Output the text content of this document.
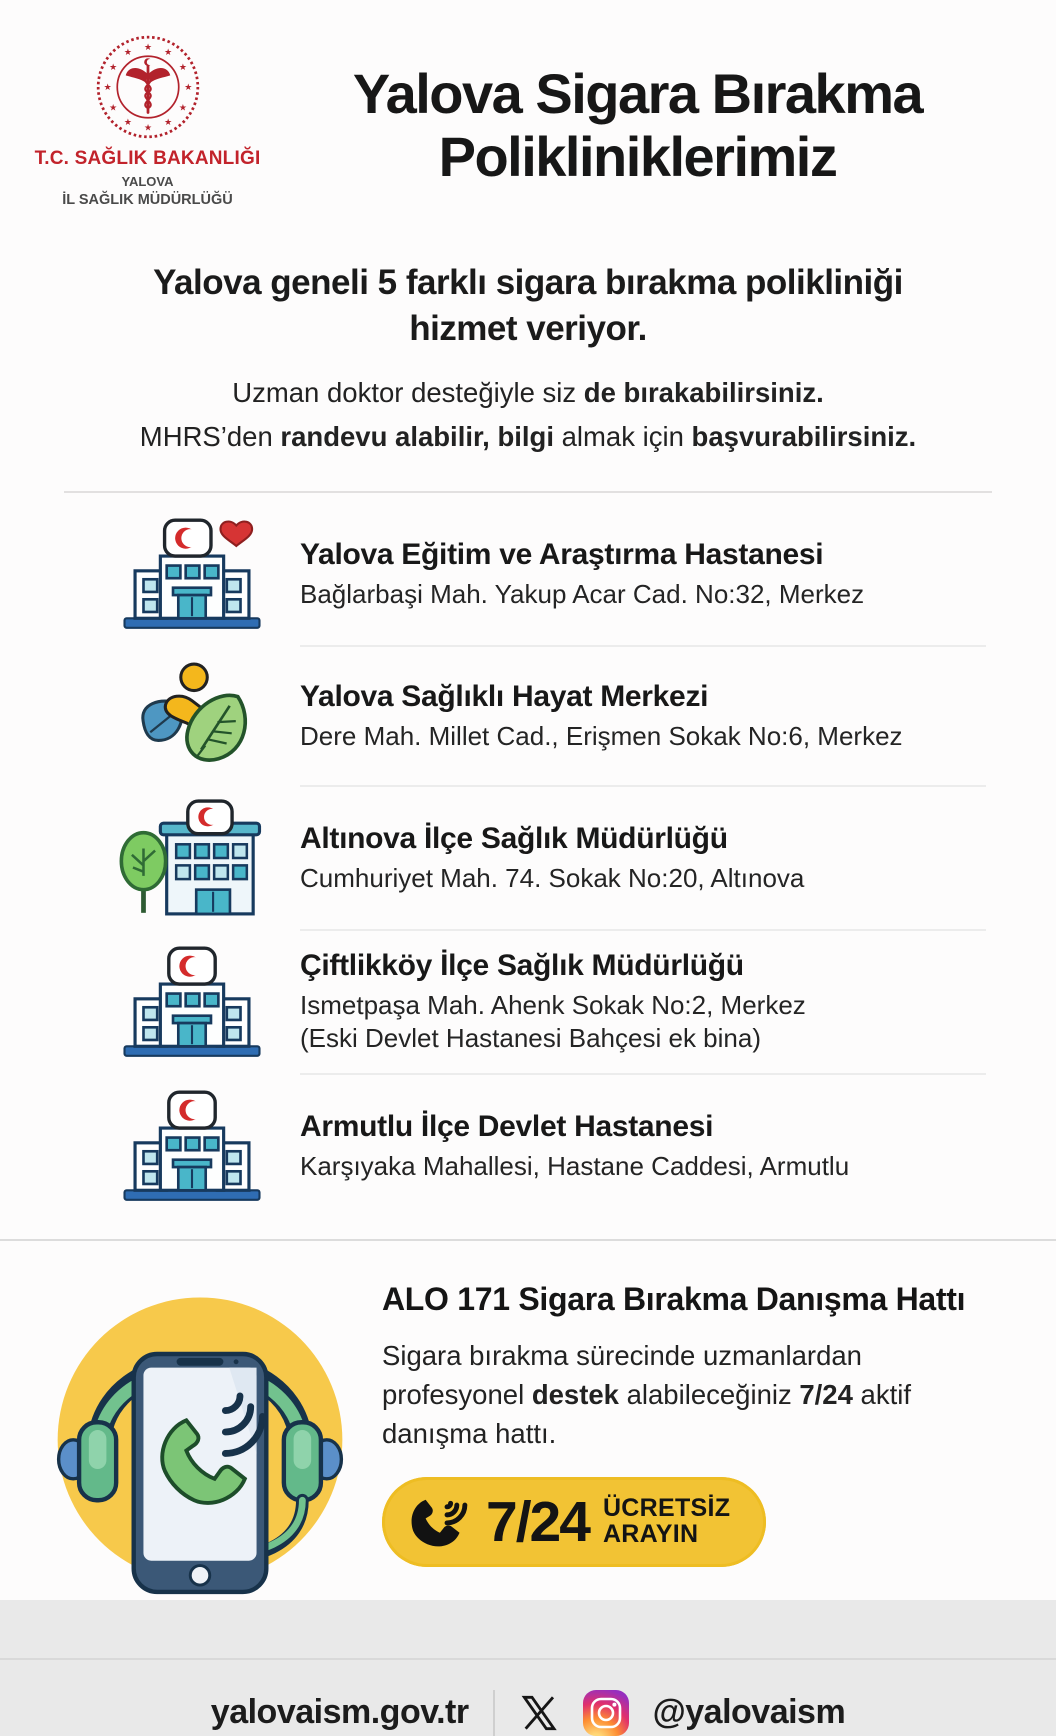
★
★
★
★
★
★
★
★
★
★
★
★
T.C. SAĞLIK BAKANLIĞI
YALOVA
İL SAĞLIK MÜDÜRLÜĞÜ
Yalova Sigara Bırakma
Polikliniklerimiz
Yalova geneli 5 farklı sigara bırakma polikliniği
hizmet veriyor.
Uzman doktor desteğiyle siz de bırakabilirsiniz.
MHRS’den randevu alabilir, bilgi almak için başvurabilirsiniz.
Yalova Eğitim ve Araştırma Hastanesi
Bağlarbaşi Mah. Yakup Acar Cad. No:32, Merkez
Yalova Sağlıklı Hayat Merkezi
Dere Mah. Millet Cad., Erişmen Sokak No:6, Merkez
Altınova İlçe Sağlık Müdürlüğü
Cumhuriyet Mah. 74. Sokak No:20, Altınova
Çiftlikköy İlçe Sağlık Müdürlüğü
Ismetpaşa Mah. Ahenk Sokak No:2, Merkez
(Eski Devlet Hastanesi Bahçesi ek bina)
Armutlu İlçe Devlet Hastanesi
Karşıyaka Mahallesi, Hastane Caddesi, Armutlu
ALO 171 Sigara Bırakma Danışma Hattı
Sigara bırakma sürecinde uzmanlardan profesyonel destek alabileceğiniz 7/24 aktif danışma hattı.
7/24 ÜCRETSİZ
ARAYIN
yalovaism.gov.tr	@yalovaism
